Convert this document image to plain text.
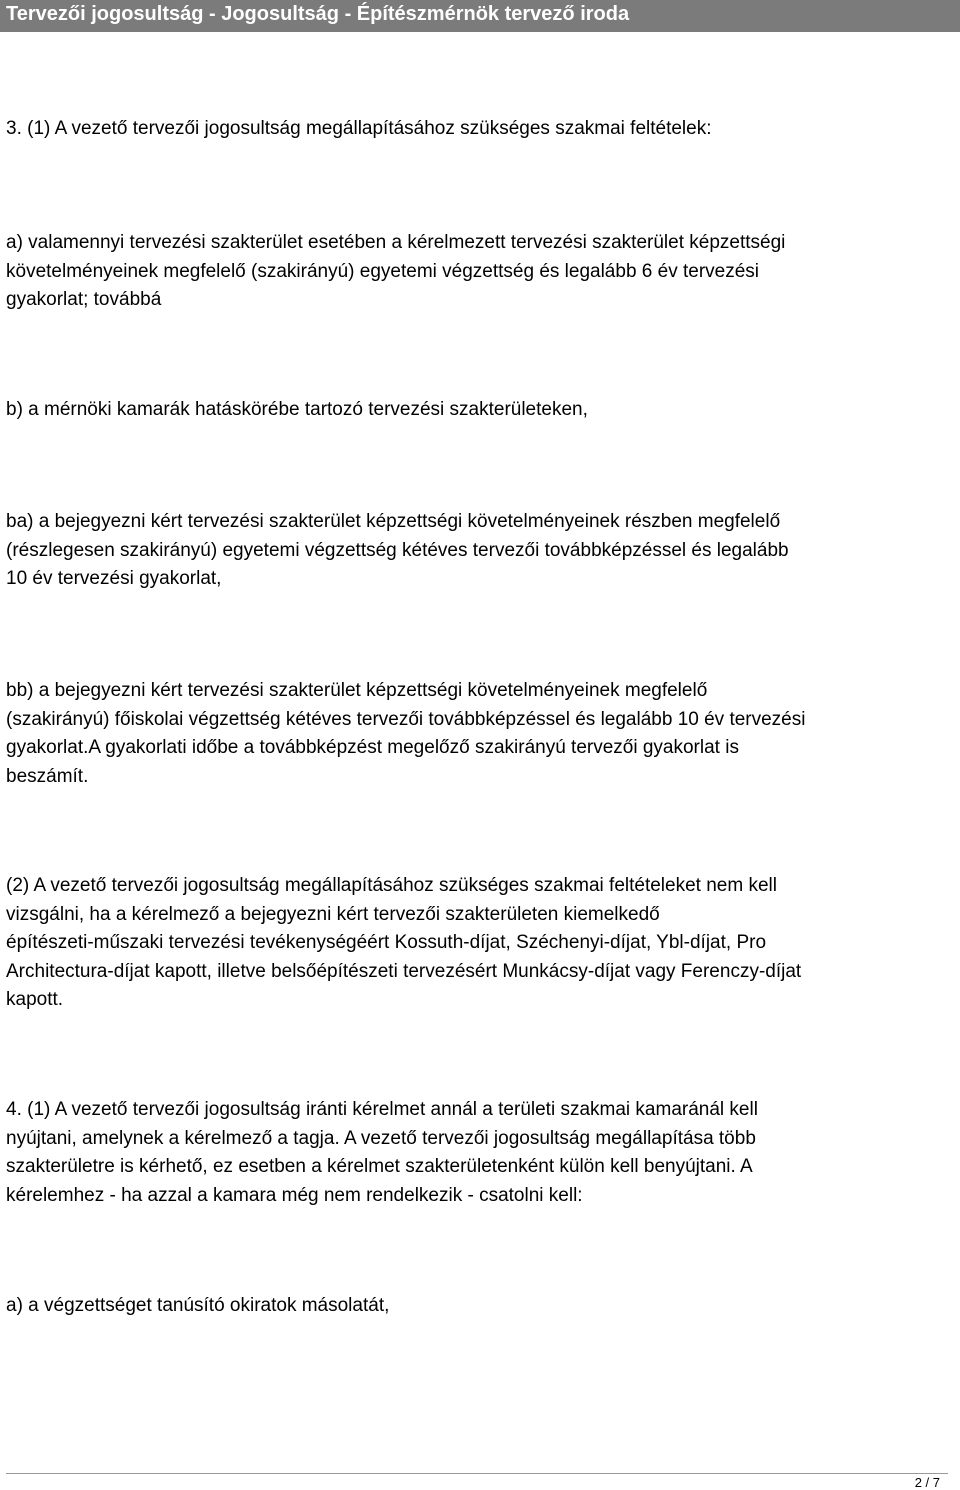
Tervezői jogosultság - Jogosultság - Építészmérnök tervező iroda

3. (1) A vezető tervezői jogosultság megállapításához szükséges szakmai feltételek:

a) valamennyi tervezési szakterület esetében a kérelmezett tervezési szakterület képzettségi
követelményeinek megfelelő (szakirányú) egyetemi végzettség és legalább 6 év tervezési
gyakorlat; továbbá

b) a mérnöki kamarák hatáskörébe tartozó tervezési szakterületeken,

ba) a bejegyezni kért tervezési szakterület képzettségi követelményeinek részben megfelelő
(részlegesen szakirányú) egyetemi végzettség kétéves tervezői továbbképzéssel és legalább
10 év tervezési gyakorlat,

bb) a bejegyezni kért tervezési szakterület képzettségi követelményeinek megfelelő
(szakirányú) főiskolai végzettség kétéves tervezői továbbképzéssel és legalább 10 év tervezési
gyakorlat.A gyakorlati időbe a továbbképzést megelőző szakirányú tervezői gyakorlat is
beszámít.

(2) A vezető tervezői jogosultság megállapításához szükséges szakmai feltételeket nem kell
vizsgálni, ha a kérelmező a bejegyezni kért tervezői szakterületen kiemelkedő
építészeti-műszaki tervezési tevékenységéért Kossuth-díjat, Széchenyi-díjat, Ybl-díjat, Pro
Architectura-díjat kapott, illetve belsőépítészeti tervezésért Munkácsy-díjat vagy Ferenczy-díjat
kapott.

4. (1) A vezető tervezői jogosultság iránti kérelmet annál a területi szakmai kamaránál kell
nyújtani, amelynek a kérelmező a tagja. A vezető tervezői jogosultság megállapítása több
szakterületre is kérhető, ez esetben a kérelmet szakterületenként külön kell benyújtani. A
kérelemhez - ha azzal a kamara még nem rendelkezik - csatolni kell:

a) a végzettséget tanúsító okiratok másolatát,

2 / 7
